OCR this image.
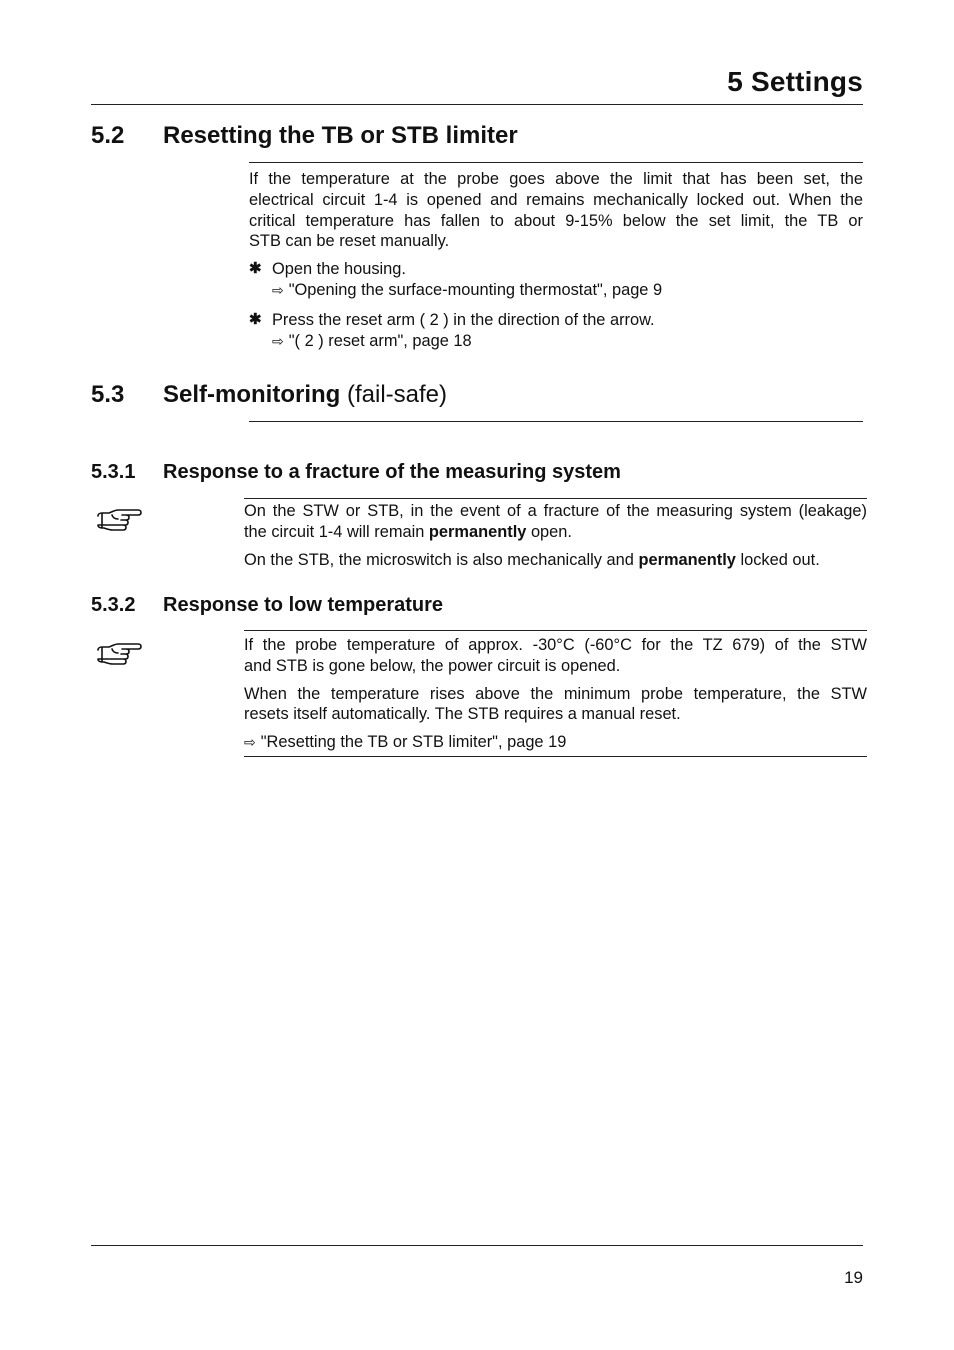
5 Settings
5.2 Resetting the TB or STB limiter
If the temperature at the probe goes above the limit that has been set, the
electrical circuit 1-4 is opened and remains mechanically locked out. When the
critical temperature has fallen to about 9-15% below the set limit, the TB or
STB can be reset manually.
✱ Open the housing.
⇨ "Opening the surface-mounting thermostat", page 9
✱ Press the reset arm ( 2 ) in the direction of the arrow.
⇨ "( 2 ) reset arm", page 18
5.3 Self-monitoring (fail-safe)
5.3.1 Response to a fracture of the measuring system
On the STW or STB, in the event of a fracture of the measuring system (leakage)
the circuit 1-4 will remain permanently open.
On the STB, the microswitch is also mechanically and permanently locked out.
5.3.2 Response to low temperature
If the probe temperature of approx. -30°C (-60°C for the TZ 679) of the STW
and STB is gone below, the power circuit is opened.
When the temperature rises above the minimum probe temperature, the STW
resets itself automatically. The STB requires a manual reset.
⇨ "Resetting the TB or STB limiter", page 19
19
